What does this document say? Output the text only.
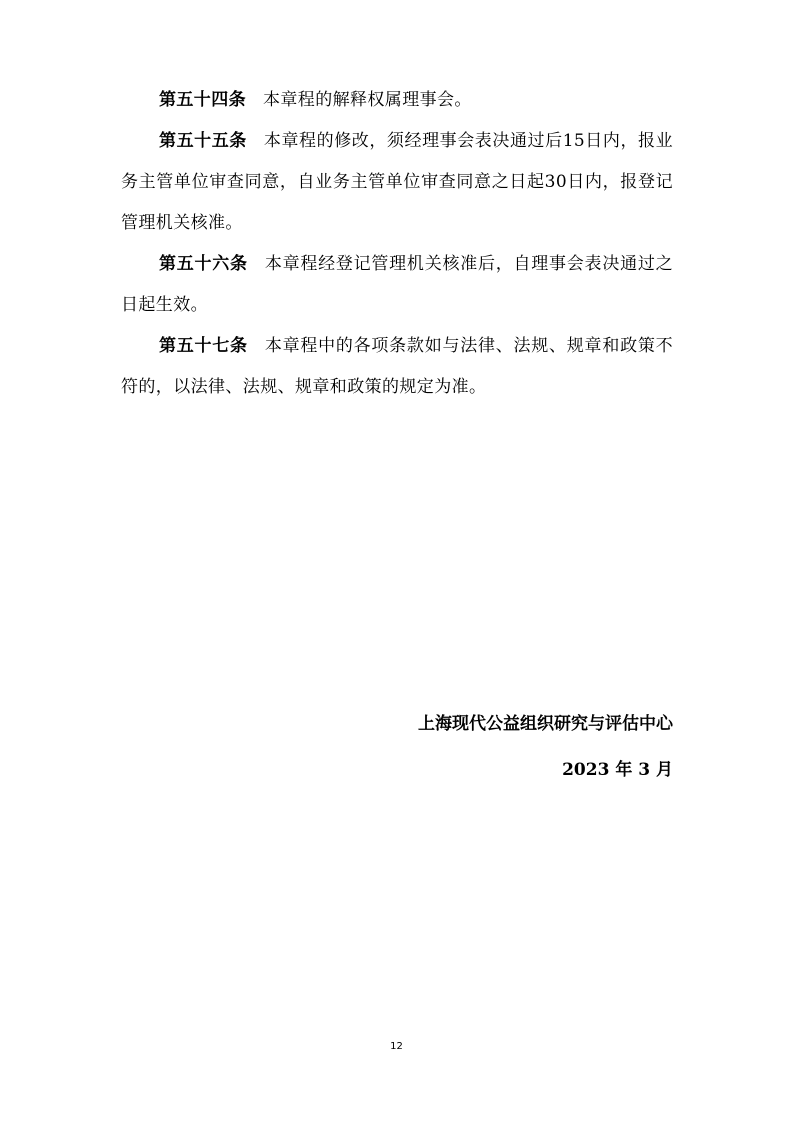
第五十四条 本章程的解释权属理事会。

第五十五条 本章程的修改，须经理事会表决通过后15日内，报业务主管单位审查同意，自业务主管单位审查同意之日起30日内，报登记管理机关核准。

第五十六条 本章程经登记管理机关核准后，自理事会表决通过之日起生效。

第五十七条 本章程中的各项条款如与法律、法规、规章和政策不符的，以法律、法规、规章和政策的规定为准。

上海现代公益组织研究与评估中心
2023 年 3 月
12
